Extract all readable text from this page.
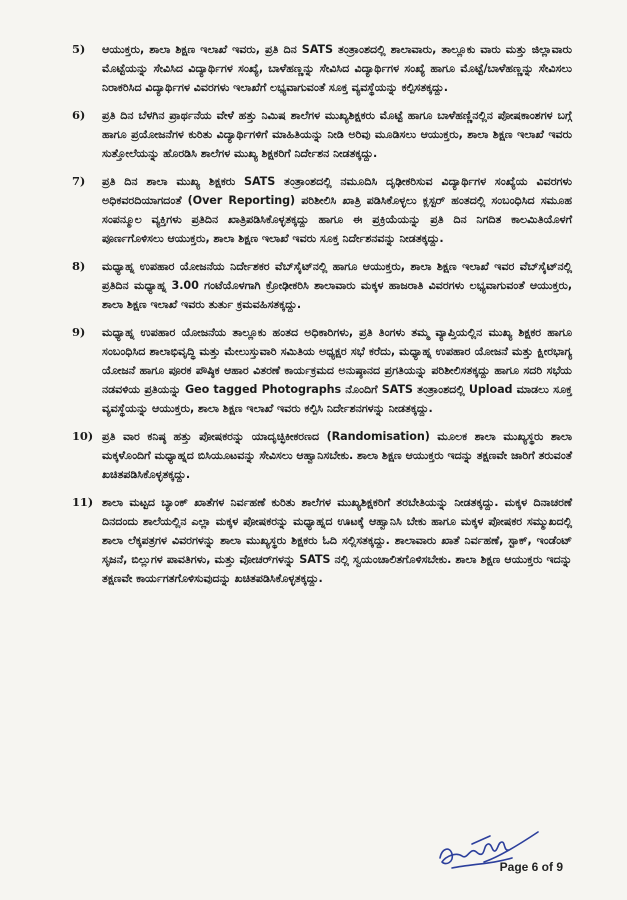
5) ಆಯುಕ್ತರು, ಶಾಲಾ ಶಿಕ್ಷಣ ಇಲಾಖೆ ಇವರು, ಪ್ರತಿ ದಿನ SATS ತಂತ್ರಾಂಶದಲ್ಲಿ ಶಾಲಾವಾರು, ತಾಲ್ಲೂಕು ವಾರು ಮತ್ತು ಜಿಲ್ಲಾವಾರು ಮೊಟ್ಟೆಯನ್ನು ಸೇವಿಸಿದ ವಿದ್ಯಾರ್ಥಿಗಳ ಸಂಖ್ಯೆ, ಬಾಳೆಹಣ್ಣನ್ನು ಸೇವಿಸಿದ ವಿದ್ಯಾರ್ಥಿಗಳ ಸಂಖ್ಯೆ ಹಾಗೂ ಮೊಟ್ಟೆ/ಬಾಳೆಹಣ್ಣನ್ನು ಸೇವಿಸಲು ನಿರಾಕರಿಸಿದ ವಿದ್ಯಾರ್ಥಿಗಳ ವಿವರಗಳು ಇಲಾಖೆಗೆ ಲಭ್ಯವಾಗುವಂತೆ ಸೂಕ್ತ ವ್ಯವಸ್ಥೆಯನ್ನು ಕಲ್ಪಿಸತಕ್ಕದ್ದು.
6) ಪ್ರತಿ ದಿನ ಬೆಳಗಿನ ಪ್ರಾರ್ಥನೆಯ ವೇಳೆ ಹತ್ತು ನಿಮಿಷ ಶಾಲೆಗಳ ಮುಖ್ಯಶಿಕ್ಷಕರು ಮೊಟ್ಟೆ ಹಾಗೂ ಬಾಳೆಹಣ್ಣಿನಲ್ಲಿನ ಪೋಷಕಾಂಶಗಳ ಬಗ್ಗೆ ಹಾಗೂ ಪ್ರಯೋಜನೆಗಳ ಕುರಿತು ವಿದ್ಯಾರ್ಥಿಗಳಿಗೆ ಮಾಹಿತಿಯನ್ನು ನೀಡಿ ಅರಿವು ಮೂಡಿಸಲು ಆಯುಕ್ತರು, ಶಾಲಾ ಶಿಕ್ಷಣ ಇಲಾಖೆ ಇವರು ಸುತ್ತೋಲೆಯನ್ನು ಹೊರಡಿಸಿ ಶಾಲೆಗಳ ಮುಖ್ಯ ಶಿಕ್ಷಕರಿಗೆ ನಿರ್ದೇಶನ ನೀಡತಕ್ಕದ್ದು.
7) ಪ್ರತಿ ದಿನ ಶಾಲಾ ಮುಖ್ಯ ಶಿಕ್ಷಕರು SATS ತಂತ್ರಾಂಶದಲ್ಲಿ ನಮೂದಿಸಿ ದೃಢೀಕರಿಸುವ ವಿದ್ಯಾರ್ಥಿಗಳ ಸಂಖ್ಯೆಯ ವಿವರಗಳು ಅಧಿಕವರದಿಯಾಗದಂತೆ (Over Reporting) ಪರಿಶೀಲಿಸಿ ಖಾತ್ರಿ ಪಡಿಸಿಕೊಳ್ಳಲು ಕ್ಲಸ್ಟರ್ ಹಂತದಲ್ಲಿ ಸಂಬಂಧಿಸಿದ ಸಮೂಹ ಸಂಪನ್ಮೂಲ ವ್ಯಕ್ತಿಗಳು ಪ್ರತಿದಿನ ಖಾತ್ರಿಪಡಿಸಿಕೊಳ್ಳತಕ್ಕದ್ದು ಹಾಗೂ ಈ ಪ್ರಕ್ರಿಯೆಯನ್ನು ಪ್ರತಿ ದಿನ ನಿಗದಿತ ಕಾಲಮಿತಿಯೊಳಗೆ ಪೂರ್ಣಗೊಳಿಸಲು ಆಯುಕ್ತರು, ಶಾಲಾ ಶಿಕ್ಷಣ ಇಲಾಖೆ ಇವರು ಸೂಕ್ತ ನಿರ್ದೇಶನವನ್ನು ನೀಡತಕ್ಕದ್ದು.
8) ಮಧ್ಯಾಹ್ನ ಉಪಹಾರ ಯೋಜನೆಯ ನಿರ್ದೇಶಕರ ವೆಬ್‌ಸೈಟ್‌ನಲ್ಲಿ ಹಾಗೂ ಆಯುಕ್ತರು, ಶಾಲಾ ಶಿಕ್ಷಣ ಇಲಾಖೆ ಇವರ ವೆಬ್‌ಸೈಟ್‌ನಲ್ಲಿ ಪ್ರತಿದಿನ ಮಧ್ಯಾಹ್ನ 3.00 ಗಂಟೆಯೊಳಗಾಗಿ ಕ್ರೋಢೀಕರಿಸಿ ಶಾಲಾವಾರು ಮಕ್ಕಳ ಹಾಜರಾತಿ ವಿವರಗಳು ಲಭ್ಯವಾಗುವಂತೆ ಆಯುಕ್ತರು, ಶಾಲಾ ಶಿಕ್ಷಣ ಇಲಾಖೆ ಇವರು ತುರ್ತು ಕ್ರಮವಹಿಸತಕ್ಕದ್ದು.
9) ಮಧ್ಯಾಹ್ನ ಉಪಹಾರ ಯೋಜನೆಯ ತಾಲ್ಲೂಕು ಹಂತದ ಅಧಿಕಾರಿಗಳು, ಪ್ರತಿ ತಿಂಗಳು ತಮ್ಮ ವ್ಯಾಪ್ತಿಯಲ್ಲಿನ ಮುಖ್ಯ ಶಿಕ್ಷಕರ ಹಾಗೂ ಸಂಬಂಧಿಸಿದ ಶಾಲಾಭಿವೃದ್ಧಿ ಮತ್ತು ಮೇಲುಸ್ತುವಾರಿ ಸಮಿತಿಯ ಅಧ್ಯಕ್ಷರ ಸಭೆ ಕರೆದು, ಮಧ್ಯಾಹ್ನ ಉಪಹಾರ ಯೋಜನೆ ಮತ್ತು ಕ್ಷೀರಭಾಗ್ಯ ಯೋಜನೆ ಹಾಗೂ ಪೂರಕ ಪೌಷ್ಠಿಕ ಆಹಾರ ವಿತರಣೆ ಕಾರ್ಯಕ್ರಮದ ಅನುಷ್ಠಾನದ ಪ್ರಗತಿಯನ್ನು ಪರಿಶೀಲಿಸತಕ್ಕದ್ದು ಹಾಗೂ ಸದರಿ ಸಭೆಯ ನಡವಳಿಯ ಪ್ರತಿಯನ್ನು Geo tagged Photographs ನೊಂದಿಗೆ SATS ತಂತ್ರಾಂಶದಲ್ಲಿ Upload ಮಾಡಲು ಸೂಕ್ತ ವ್ಯವಸ್ಥೆಯನ್ನು ಆಯುಕ್ತರು, ಶಾಲಾ ಶಿಕ್ಷಣ ಇಲಾಖೆ ಇವರು ಕಲ್ಪಿಸಿ ನಿರ್ದೇಶನಗಳನ್ನು ನೀಡತಕ್ಕದ್ದು.
10) ಪ್ರತಿ ವಾರ ಕನಿಷ್ಠ ಹತ್ತು ಪೋಷಕರನ್ನು ಯಾದೃಚ್ಛಿಕೀಕರಣದ (Randomisation) ಮೂಲಕ ಶಾಲಾ ಮುಖ್ಯಸ್ಥರು ಶಾಲಾ ಮಕ್ಕಳೊಂದಿಗೆ ಮಧ್ಯಾಹ್ನದ ಬಿಸಿಯೂಟವನ್ನು ಸೇವಿಸಲು ಆಹ್ವಾನಿಸಬೇಕು. ಶಾಲಾ ಶಿಕ್ಷಣ ಆಯುಕ್ತರು ಇದನ್ನು ತಕ್ಷಣವೇ ಜಾರಿಗೆ ತರುವಂತೆ ಖಚಿತಪಡಿಸಿಕೊಳ್ಳತಕ್ಕದ್ದು.
11) ಶಾಲಾ ಮಟ್ಟದ ಬ್ಯಾಂಕ್ ಖಾತೆಗಳ ನಿರ್ವಹಣೆ ಕುರಿತು ಶಾಲೆಗಳ ಮುಖ್ಯಶಿಕ್ಷಕರಿಗೆ ತರಬೇತಿಯನ್ನು ನೀಡತಕ್ಕದ್ದು. ಮಕ್ಕಳ ದಿನಾಚರಣೆ ದಿನದಂದು ಶಾಲೆಯಲ್ಲಿನ ಎಲ್ಲಾ ಮಕ್ಕಳ ಪೋಷಕರನ್ನು ಮಧ್ಯಾಹ್ನದ ಊಟಕ್ಕೆ ಆಹ್ವಾನಿಸಿ ಬೇಕು ಹಾಗೂ ಮಕ್ಕಳ ಪೋಷಕರ ಸಮ್ಮುಖದಲ್ಲಿ ಶಾಲಾ ಲೆಕ್ಕಪತ್ರಗಳ ವಿವರಗಳನ್ನು ಶಾಲಾ ಮುಖ್ಯಸ್ಥರು ಶಿಕ್ಷಕರು ಓದಿ ಸಲ್ಲಿಸತಕ್ಕದ್ದು. ಶಾಲಾವಾರು ಖಾತೆ ನಿರ್ವಹಣೆ, ಸ್ಟಾಕ್, ಇಂಡೆಂಟ್ ಸೃಜನೆ, ಬಿಲ್ಲುಗಳ ಪಾವತಿಗಳು, ಮತ್ತು ವೋಚರ್‌ಗಳನ್ನು SATS ನಲ್ಲಿ ಸ್ವಯಂಚಾಲಿತಗೊಳಿಸಬೇಕು. ಶಾಲಾ ಶಿಕ್ಷಣ ಆಯುಕ್ತರು ಇದನ್ನು ತಕ್ಷಣವೇ ಕಾರ್ಯಗತಗೊಳಿಸುವುದನ್ನು ಖಚಿತಪಡಿಸಿಕೊಳ್ಳತಕ್ಕದ್ದು.
Page 6 of 9
